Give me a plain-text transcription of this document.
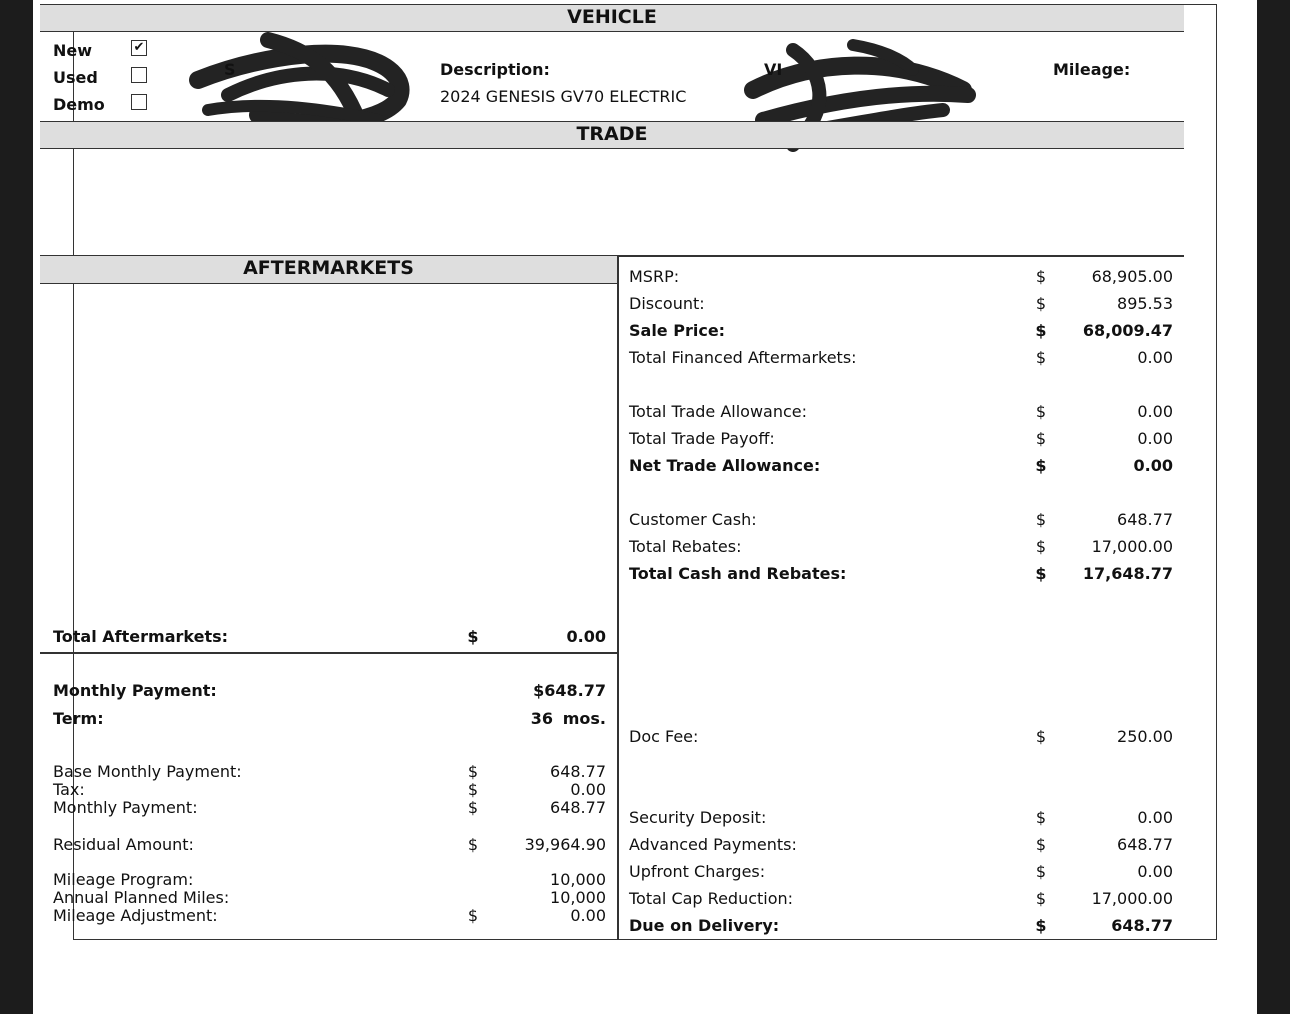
VEHICLE
New	✔
Used
Demo
S	Description:
2024 GENESIS GV70 ELECTRIC
VI	Mileage:
TRADE
AFTERMARKETS
Total Aftermarkets:	$	0.00
Monthly Payment:	$648.77
Term:	36 mos.
Base Monthly Payment:	$	648.77
Tax:	$	0.00
Monthly Payment:	$	648.77
Residual Amount:	$	39,964.90
Mileage Program:	10,000
Annual Planned Miles:	10,000
Mileage Adjustment:	$	0.00
MSRP:	$	68,905.00
Discount:	$	895.53
Sale Price:	$	68,009.47
Total Financed Aftermarkets:	$	0.00
Total Trade Allowance:	$	0.00
Total Trade Payoff:	$	0.00
Net Trade Allowance:	$	0.00
Customer Cash:	$	648.77
Total Rebates:	$	17,000.00
Total Cash and Rebates:	$	17,648.77
Doc Fee:	$	250.00
Security Deposit:	$	0.00
Advanced Payments:	$	648.77
Upfront Charges:	$	0.00
Total Cap Reduction:	$	17,000.00
Due on Delivery:	$	648.77
